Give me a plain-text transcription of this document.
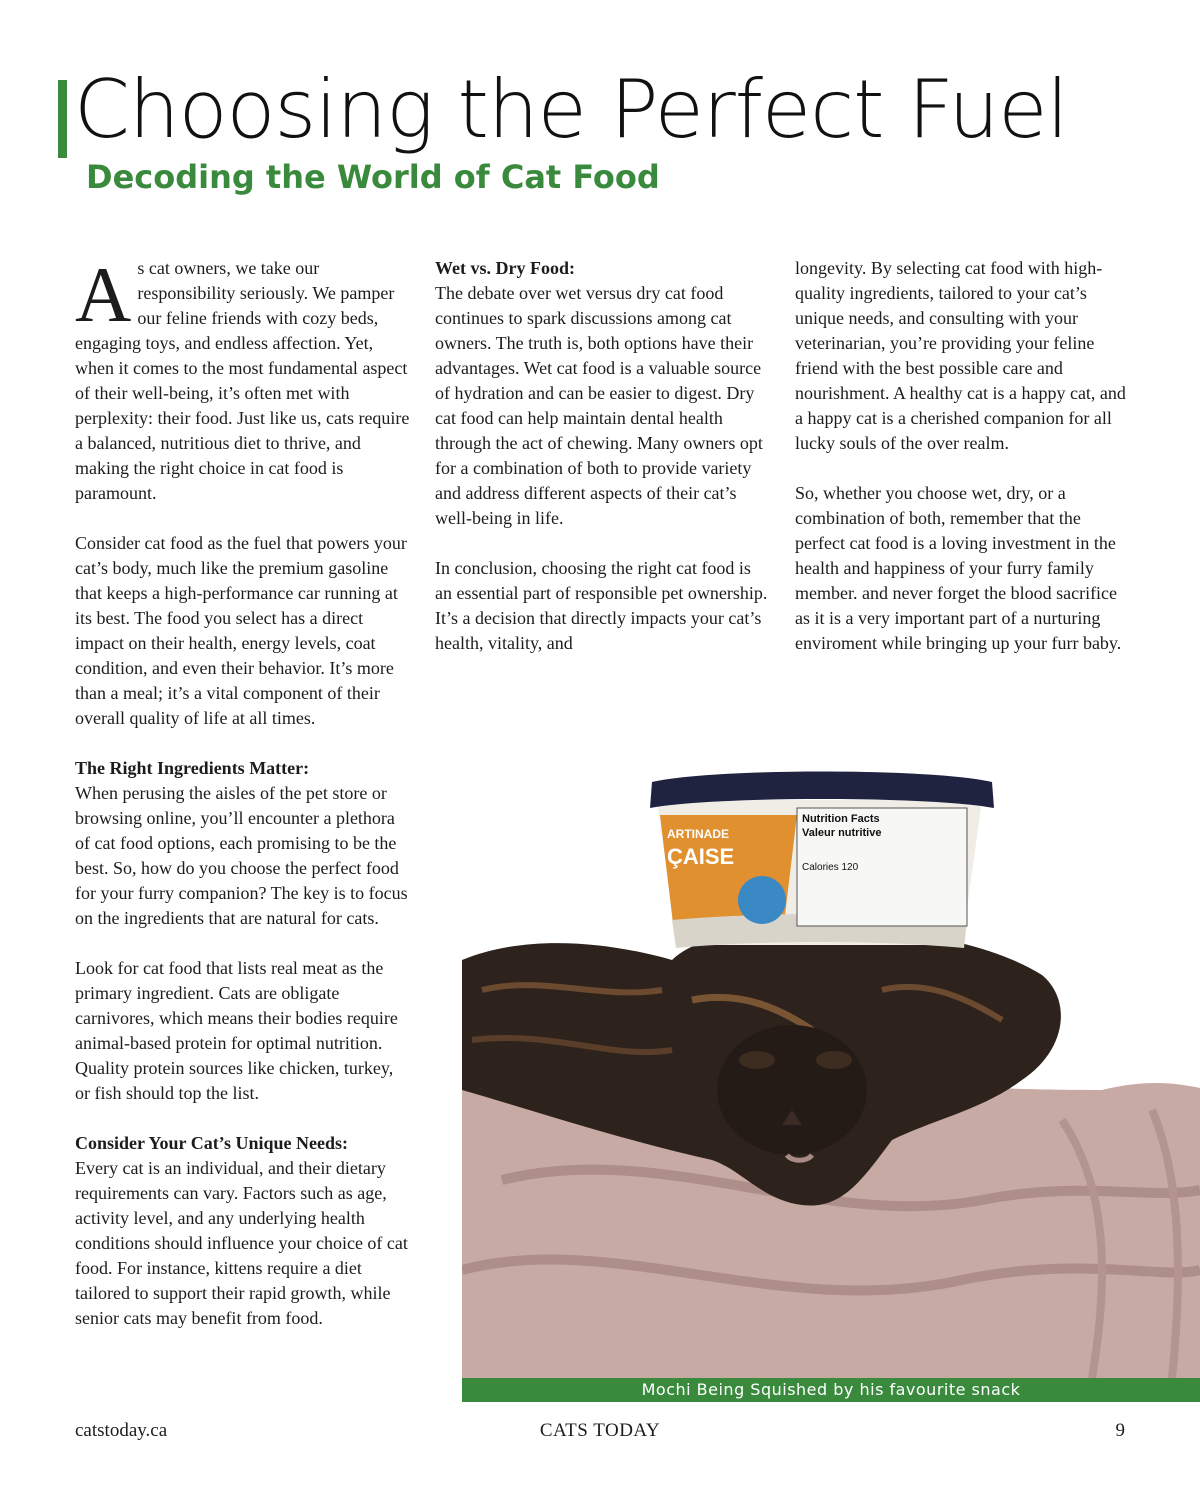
Choosing the Perfect Fuel
Decoding the World of Cat Food

As cat owners, we take our responsibility seriously. We pamper our feline friends with cozy beds, engaging toys, and endless affection. Yet, when it comes to the most fundamental aspect of their well-being, it’s often met with perplexity: their food. Just like us, cats require a balanced, nutritious diet to thrive, and making the right choice in cat food is paramount.

Consider cat food as the fuel that powers your cat’s body, much like the premium gasoline that keeps a high-performance car running at its best. The food you select has a direct impact on their health, energy levels, coat condition, and even their behavior. It’s more than a meal; it’s a vital component of their overall quality of life at all times.

The Right Ingredients Matter:
When perusing the aisles of the pet store or browsing online, you’ll encounter a plethora of cat food options, each promising to be the best. So, how do you choose the perfect food for your furry companion? The key is to focus on the ingredients that are natural for cats.

Look for cat food that lists real meat as the primary ingredient. Cats are obligate carnivores, which means their bodies require animal-based protein for optimal nutrition. Quality protein sources like chicken, turkey, or fish should top the list.

Consider Your Cat’s Unique Needs:
Every cat is an individual, and their dietary requirements can vary. Factors such as age, activity level, and any underlying health conditions should influence your choice of cat food. For instance, kittens require a diet tailored to support their rapid growth, while senior cats may benefit from food.

Wet vs. Dry Food:
The debate over wet versus dry cat food continues to spark discussions among cat owners. The truth is, both options have their advantages. Wet cat food is a valuable source of hydration and can be easier to digest. Dry cat food can help maintain dental health through the act of chewing. Many owners opt for a combination of both to provide variety and address different aspects of their cat’s well-being in life.

In conclusion, choosing the right cat food is an essential part of responsible pet ownership. It’s a decision that directly impacts your cat’s health, vitality, and

longevity. By selecting cat food with high-quality ingredients, tailored to your cat’s unique needs, and consulting with your veterinarian, you’re providing your feline friend with the best possible care and nourishment. A healthy cat is a happy cat, and a happy cat is a cherished companion for all lucky souls of the over realm.

So, whether you choose wet, dry, or a combination of both, remember that the perfect cat food is a loving investment in the health and happiness of your furry family member. and never forget the blood sacrifice as it is a very important part of a nurturing enviroment while bringing up your furr baby.

Nutrition Facts
Valeur nutritive
Calories 120
ARTINADE
ÇAISE
Mochi Being Squished by his favourite snack
catstoday.ca	CATS TODAY	9
